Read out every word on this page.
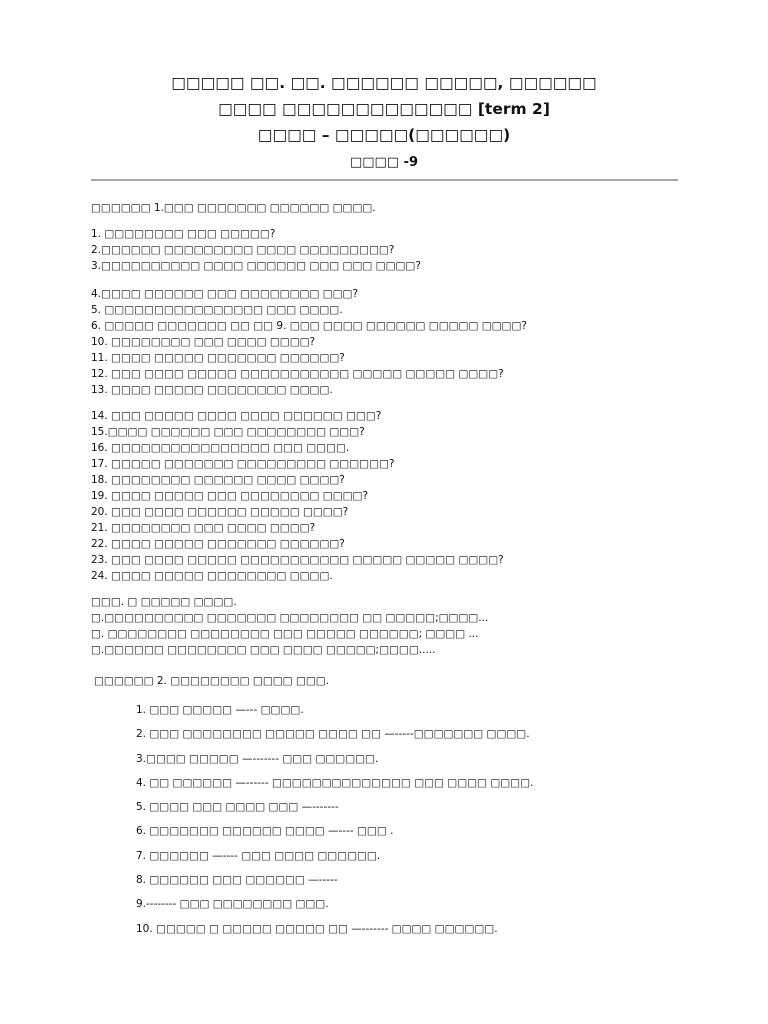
□□□□□ □□. □□. □□□□□□ □□□□□, □□□□□□
□□□□ □□□□□□□□□□□□□ [term 2]
□□□□ – □□□□□(□□□□□□)
□□□□ -9
□□□□□□ 1.□□□ □□□□□□□ □□□□□□ □□□□.
1. □□□□□□□□ □□□ □□□□□?
2.□□□□□□ □□□□□□□□□ □□□□ □□□□□□□□□?
3.□□□□□□□□□□ □□□□ □□□□□□ □□□ □□□ □□□□?
4.□□□□ □□□□□□ □□□ □□□□□□□□ □□□?
5. □□□□□□□□□□□□□□□□ □□□ □□□□.
6. □□□□□ □□□□□□□ □□ □□ 9. □□□ □□□□ □□□□□□ □□□□□ □□□□?
10. □□□□□□□□ □□□ □□□□ □□□□?
11. □□□□ □□□□□ □□□□□□□ □□□□□□?
12. □□□ □□□□ □□□□□ □□□□□□□□□□□ □□□□□ □□□□□ □□□□?
13. □□□□ □□□□□ □□□□□□□□ □□□□.
14. □□□ □□□□□ □□□□ □□□□ □□□□□□ □□□?
15.□□□□ □□□□□□ □□□ □□□□□□□□ □□□?
16. □□□□□□□□□□□□□□□□ □□□ □□□□.
17. □□□□□ □□□□□□□ □□□□□□□□□ □□□□□□?
18. □□□□□□□□ □□□□□□ □□□□ □□□□?
19. □□□□ □□□□□ □□□ □□□□□□□□ □□□□?
20. □□□ □□□□ □□□□□□ □□□□□ □□□□?
21. □□□□□□□□ □□□ □□□□ □□□□?
22. □□□□ □□□□□ □□□□□□□ □□□□□□?
23. □□□ □□□□ □□□□□ □□□□□□□□□□□ □□□□□ □□□□□ □□□□?
24. □□□□ □□□□□ □□□□□□□□ □□□□.
□□□. □ □□□□□ □□□□.
□.□□□□□□□□□□ □□□□□□□ □□□□□□□□ □□ □□□□□;□□□□...
□. □□□□□□□□ □□□□□□□□ □□□ □□□□□ □□□□□□; □□□□ ...
□.□□□□□□ □□□□□□□□ □□□ □□□□ □□□□□;□□□□.....
□□□□□□ 2. □□□□□□□□ □□□□ □□□.
1. □□□ □□□□□ —--- □□□□.
2. □□□ □□□□□□□□ □□□□□ □□□□ □□ —-----□□□□□□□ □□□□.
3.□□□□ □□□□□ —------- □□□ □□□□□□.
4. □□ □□□□□□ —------ □□□□□□□□□□□□□□ □□□ □□□□ □□□□.
5. □□□□ □□□ □□□□ □□□ —-------
6. □□□□□□□ □□□□□□ □□□□ —---- □□□ .
7. □□□□□□ —---- □□□ □□□□ □□□□□□.
8. □□□□□□ □□□ □□□□□□ —-----
9.-------- □□□ □□□□□□□□ □□□.
10. □□□□□ □ □□□□□ □□□□□ □□ —------- □□□□ □□□□□□.
